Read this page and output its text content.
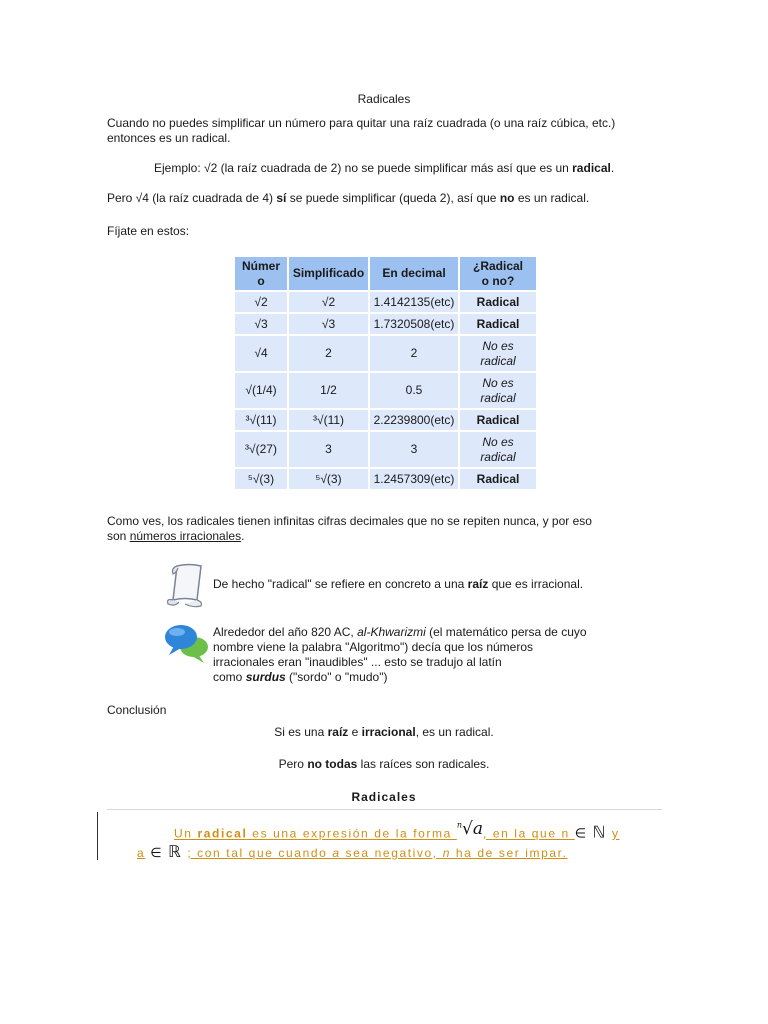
Radicales
Cuando no puedes simplificar un número para quitar una raíz cuadrada (o una raíz cúbica, etc.)
entonces es un radical.
Ejemplo: √2 (la raíz cuadrada de 2) no se puede simplificar más así que es un radical.
Pero √4 (la raíz cuadrada de 4) sí se puede simplificar (queda 2), así que no es un radical.
Fíjate en estos:
Númer
o	Simplificado	En decimal	¿Radical
o no?
√2	√2	1.4142135(etc)	Radical
√3	√3	1.7320508(etc)	Radical
√4	2	2	No es
radical

√(1/4)	1/2	0.5	No es
radical

³√(11)	³√(11)	2.2239800(etc)	Radical
³√(27)	3	3	No es
radical

⁵√(3)	⁵√(3)	1.2457309(etc)	Radical
Como ves, los radicales tienen infinitas cifras decimales que no se repiten nunca, y por eso
son números irracionales.
De hecho "radical" se refiere en concreto a una raíz que es irracional.
Alrededor del año 820 AC, al-Khwarizmi (el matemático persa de cuyo
nombre viene la palabra "Algoritmo") decía que los números
irracionales eran "inaudibles" ... esto se tradujo al latín
como surdus ("sordo" o "mudo")
Conclusión
Si es una raíz e irracional, es un radical.
Pero no todas las raíces son radicales.
Radicales
Un radical es una expresión de la forma $^n$√a, en la que n ∈ ℕ y
a ∈ ℝ ; con tal que cuando a sea negativo, n ha de ser impar.
